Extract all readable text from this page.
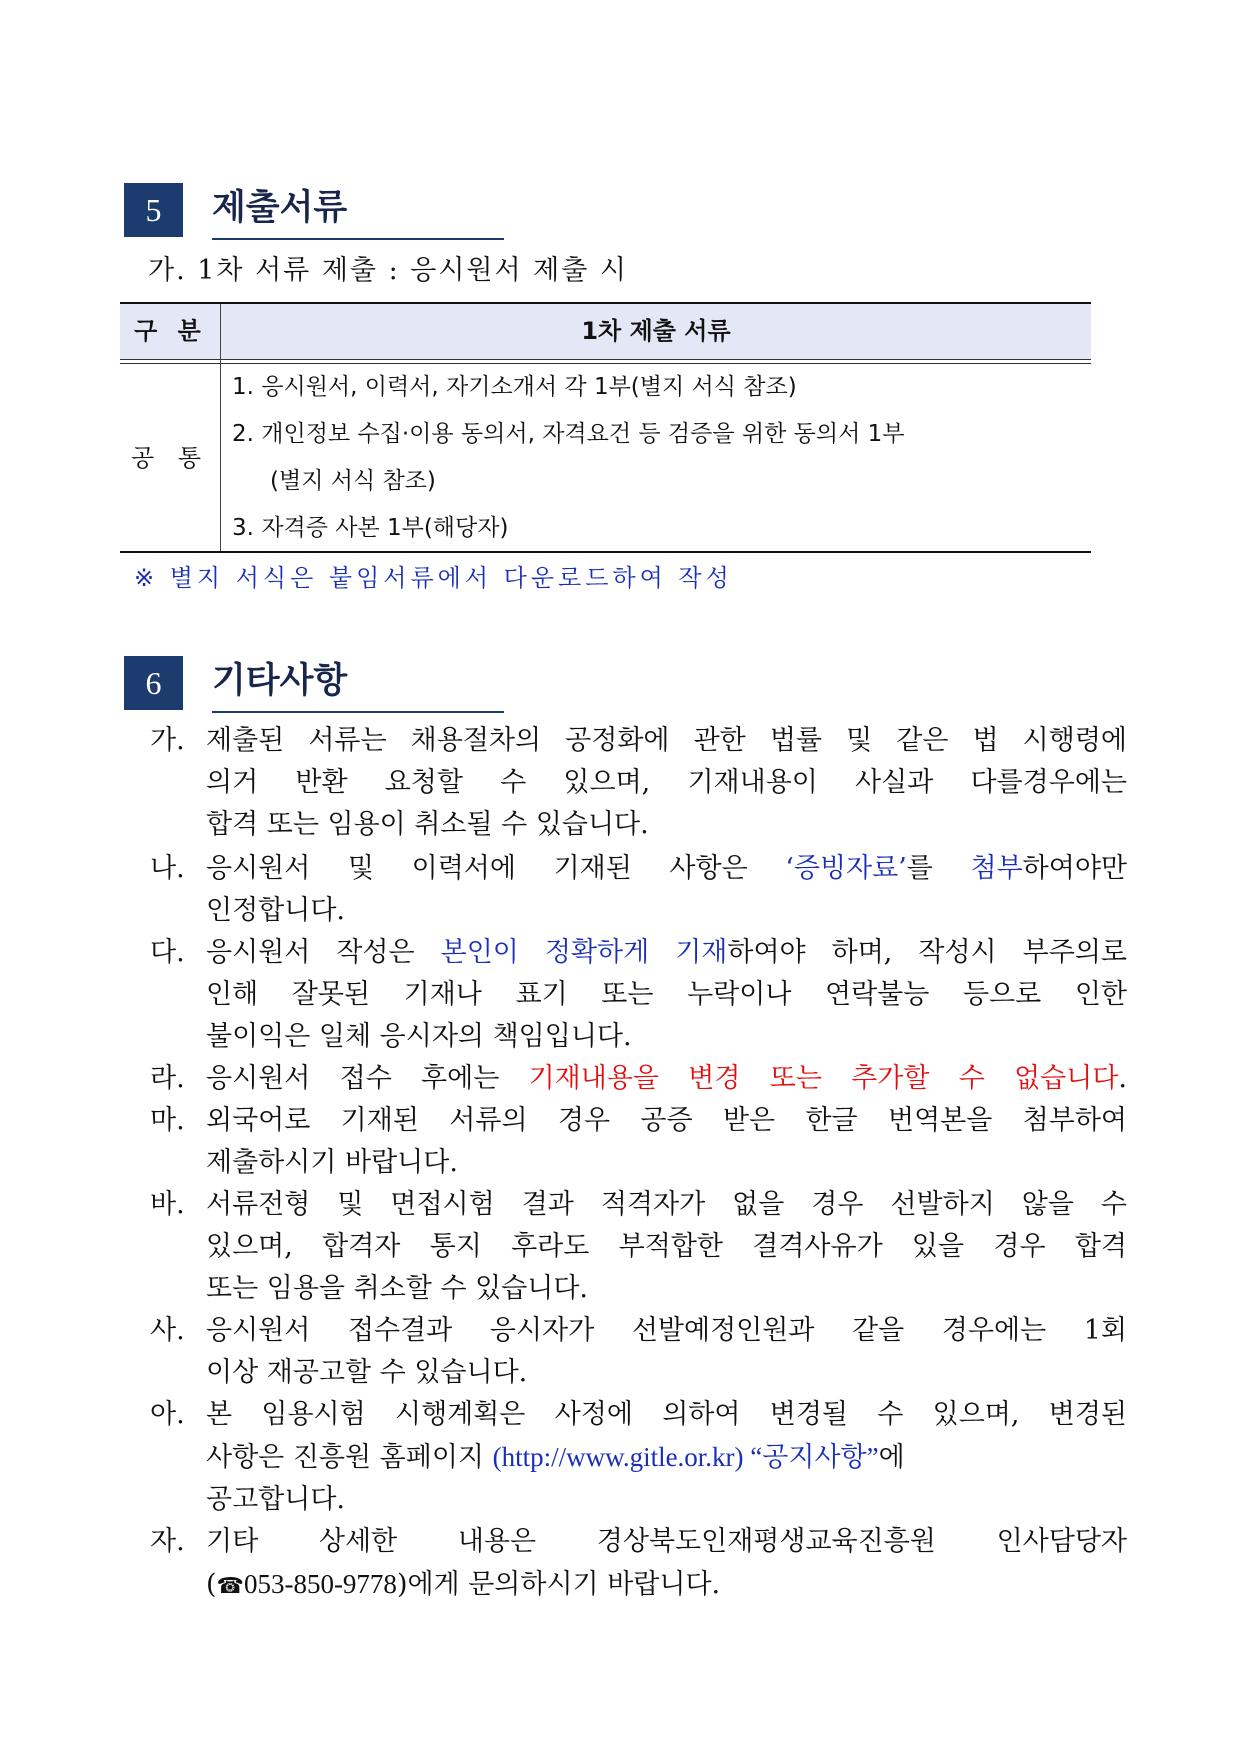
5	제출서류
가. 1차 서류 제출 : 응시원서 제출 시
구 분	1차 제출 서류
공 통
1. 응시원서, 이력서, 자기소개서 각 1부(별지 서식 참조)
2. 개인정보 수집·이용 동의서, 자격요건 등 검증을 위한 동의서 1부
(별지 서식 참조)
3. 자격증 사본 1부(해당자)
※ 별지 서식은 붙임서류에서 다운로드하여 작성
6	기타사항
가. 제출된 서류는 채용절차의 공정화에 관한 법률 및 같은 법 시행령에
의거 반환 요청할 수 있으며, 기재내용이 사실과 다를경우에는
합격 또는 임용이 취소될 수 있습니다.
나. 응시원서 및 이력서에 기재된 사항은 ‘증빙자료’를 첨부하여야만
인정합니다.
다. 응시원서 작성은 본인이 정확하게 기재하여야 하며, 작성시 부주의로
인해 잘못된 기재나 표기 또는 누락이나 연락불능 등으로 인한
불이익은 일체 응시자의 책임입니다.
라. 응시원서 접수 후에는 기재내용을 변경 또는 추가할 수 없습니다.
마. 외국어로 기재된 서류의 경우 공증 받은 한글 번역본을 첨부하여
제출하시기 바랍니다.
바. 서류전형 및 면접시험 결과 적격자가 없을 경우 선발하지 않을 수
있으며, 합격자 통지 후라도 부적합한 결격사유가 있을 경우 합격
또는 임용을 취소할 수 있습니다.
사. 응시원서 접수결과 응시자가 선발예정인원과 같을 경우에는 1회
이상 재공고할 수 있습니다.
아. 본 임용시험 시행계획은 사정에 의하여 변경될 수 있으며, 변경된
사항은 진흥원 홈페이지 (http://www.gitle.or.kr) “공지사항”에
공고합니다.
자. 기타 상세한 내용은 경상북도인재평생교육진흥원 인사담당자
(☎053-850-9778)에게 문의하시기 바랍니다.
